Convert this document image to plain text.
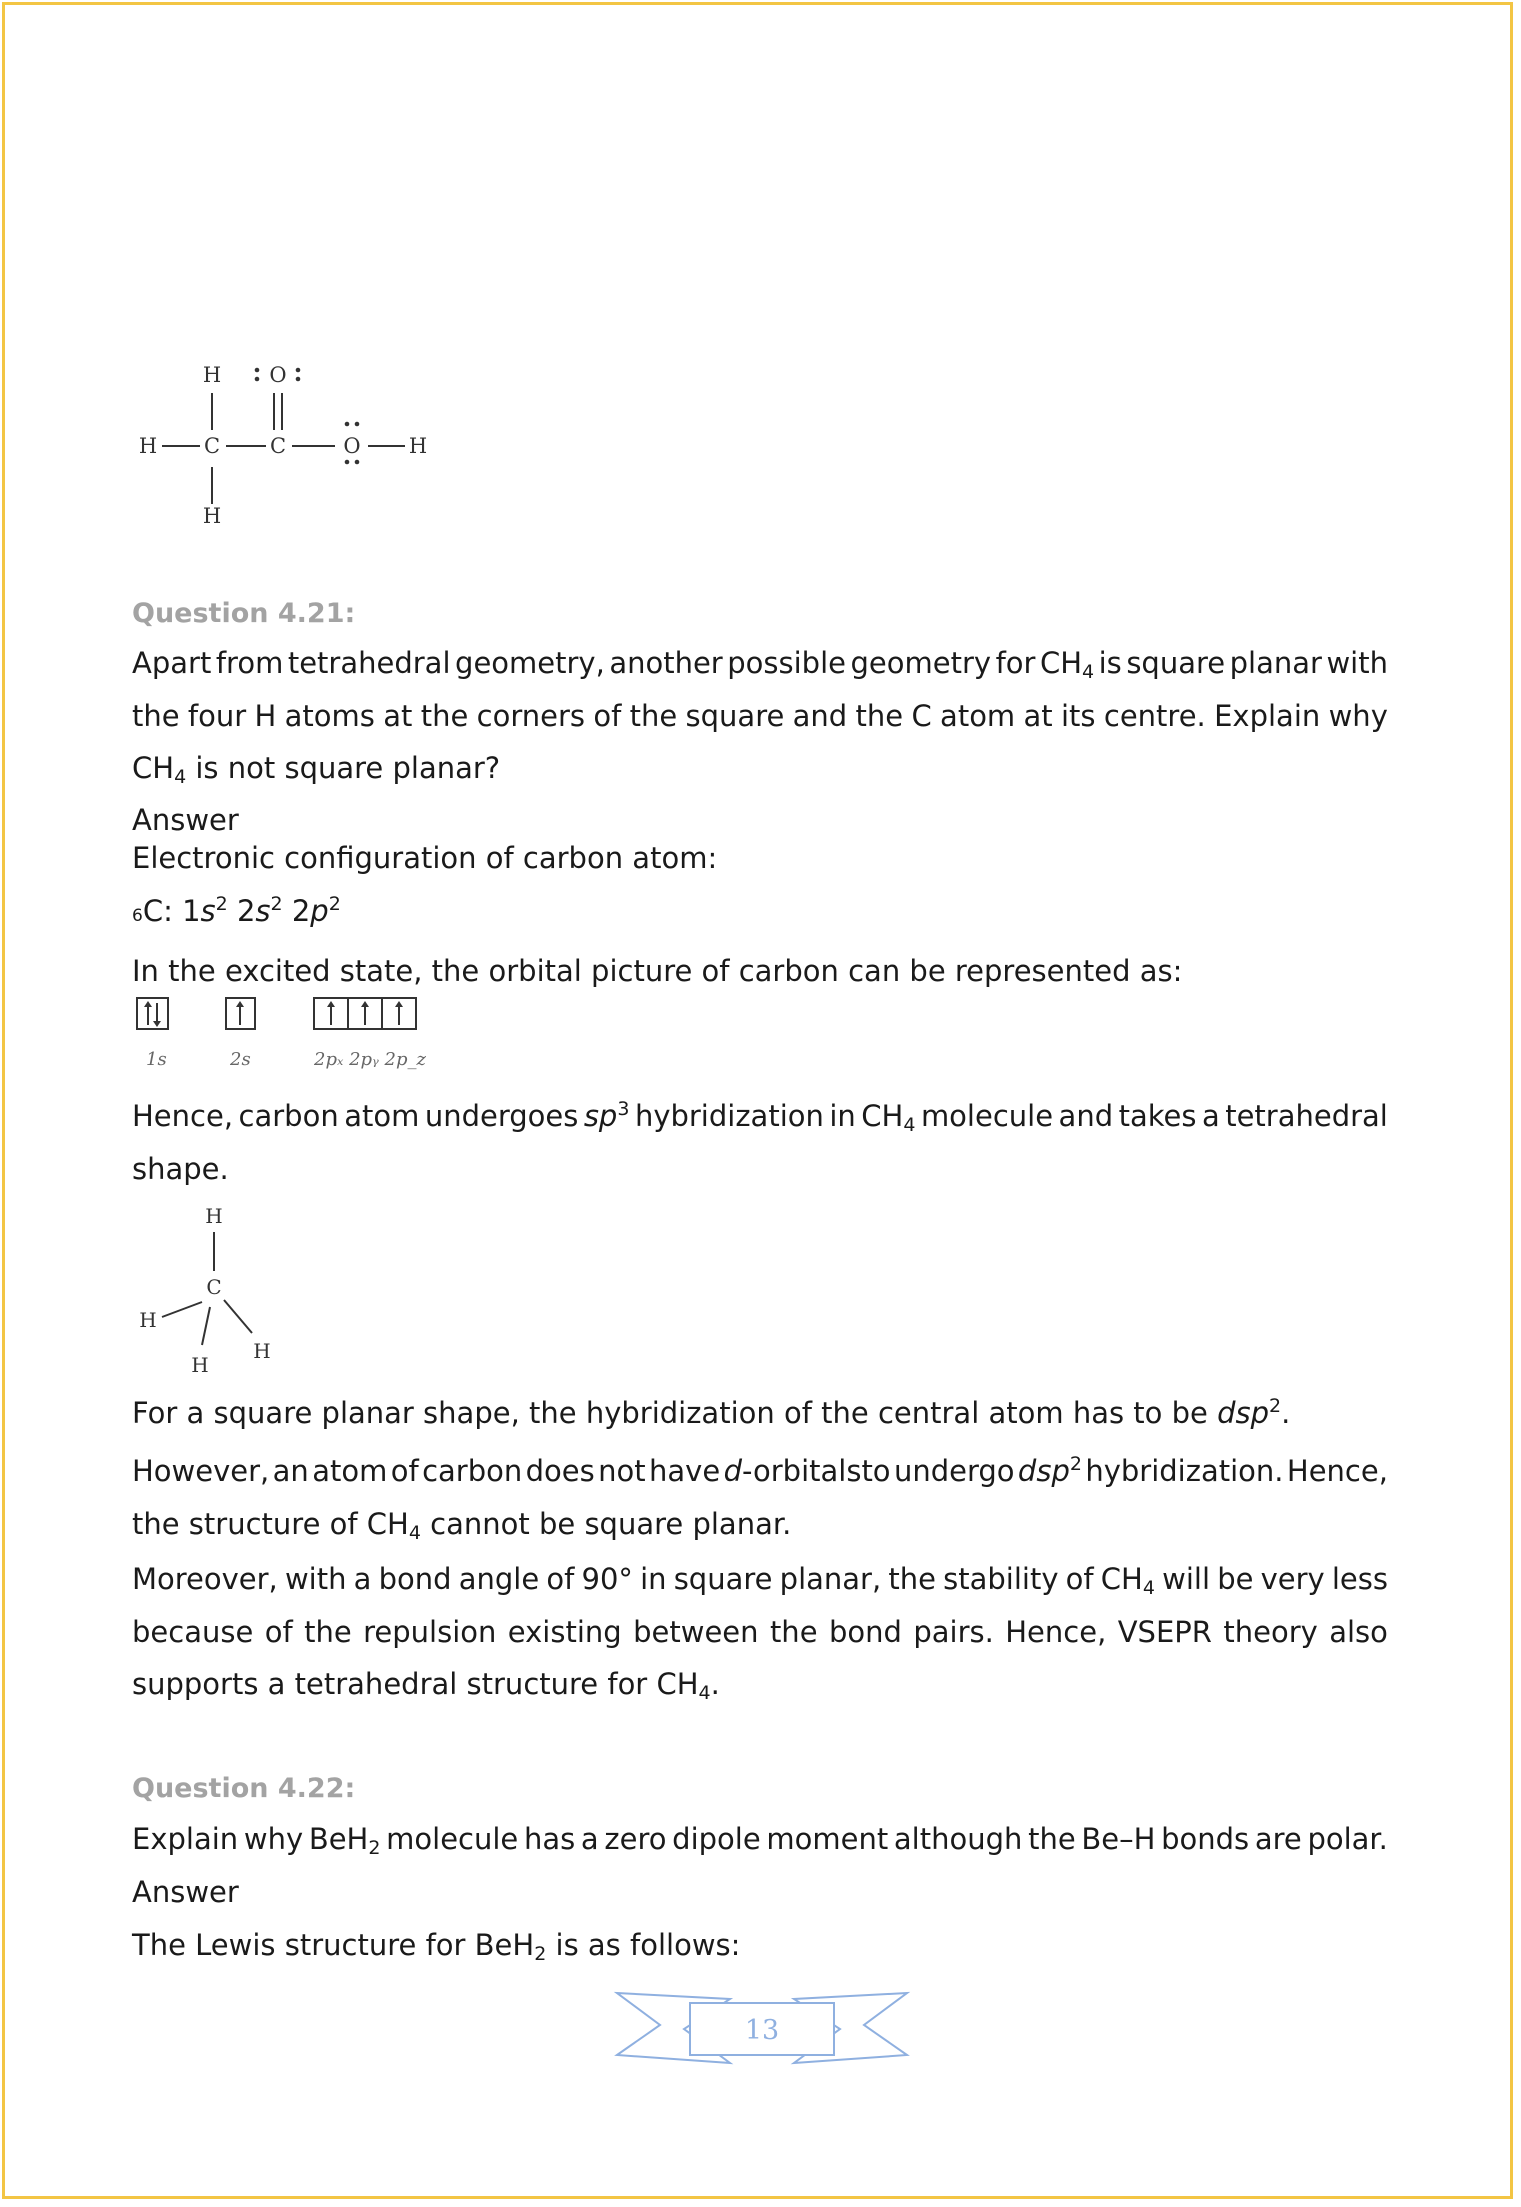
H O
H C C	O H
H
Question 4.21:
Apart from tetrahedral geometry, another possible geometry for $CH_4$ is square planar with
the four H atoms at the corners of the square and the C atom at its centre. Explain why
$CH_4$ is not square planar?
Answer
Electronic configuration of carbon atom:
6C: $1s^2$ $2s^2$ $2p^2$
In the excited state, the orbital picture of carbon can be represented as:
1s	2s	2pₓ 2pᵧ 2p_z
Hence, carbon atom undergoes $sp^3$ hybridization in $CH_4$ molecule and takes a tetrahedral
shape.
H
C
H
H
H
For a square planar shape, the hybridization of the central atom has to be dsp$^2$.
However, an atom of carbon does not have d-orbitalsto undergo dsp$^2$ hybridization. Hence,
the structure of $CH_4$ cannot be square planar.
Moreover, with a bond angle of 90° in square planar, the stability of $CH_4$ will be very less
because of the repulsion existing between the bond pairs. Hence, VSEPR theory also
supports a tetrahedral structure for $CH_4$.
Question 4.22:
Explain why BeH$_2$ molecule has a zero dipole moment although the Be–H bonds are polar.
Answer
The Lewis structure for BeH$_2$ is as follows:
13
